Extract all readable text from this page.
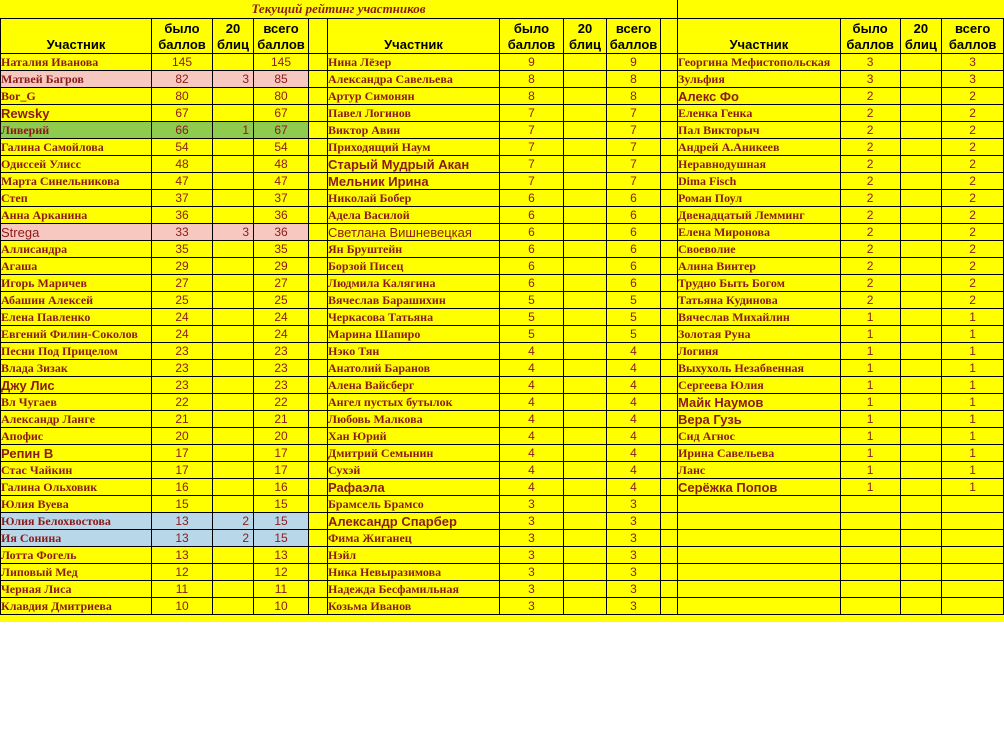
Текущий рейтинг участников
Участник	было баллов	20 блиц	всего баллов	
Наталия Иванова	145		145	
Матвей Багров	82	3	85	
Bor_G	80		80	
Rewsky	67		67	
Ливерий	66	1	67	
Галина Самойлова	54		54	
Одиссей Улисс	48		48	
Марта Синельникова	47		47	
Степ	37		37	
Анна Арканина	36		36	
Strega	33	3	36	
Аллисандра	35		35	
Агаша	29		29	
Игорь Маричев	27		27	
Абашин Алексей	25		25	
Елена Павленко	24		24	
Евгений Филин-Соколов	24		24	
Песни Под Прицелом	23		23	
Влада Зизак	23		23	
Джу Лис	23		23	
Вл Чугаев	22		22	
Александр Ланге	21		21	
Апофис	20		20	
Репин В	17		17	
Стас Чайкин	17		17	
Галина Ольховик	16		16	
Юлия Вуева	15		15	
Юлия Белохвостова	13	2	15	
Ия Сонина	13	2	15	
Лотта Фогель	13		13	
Липовый Мед	12		12	
Черная Лиса	11		11	
Клавдия Дмитриева	10		10	
Участник	было баллов	20 блиц	всего баллов	
Нина Лёзер	9		9	
Александра Савельева	8		8	
Артур Симонян	8		8	
Павел Логинов	7		7	
Виктор Авин	7		7	
Приходящий Наум	7		7	
Старый Мудрый Акан	7		7	
Мельник Ирина	7		7	
Николай Бобер	6		6	
Адела Василой	6		6	
Светлана Вишневецкая	6		6	
Ян Бруштейн	6		6	
Борзой Писец	6		6	
Людмила Калягина	6		6	
Вячеслав Барашихин	5		5	
Черкасова Татьяна	5		5	
Марина Шапиро	5		5	
Нэко Тян	4		4	
Анатолий Баранов	4		4	
Алена Вайсберг	4		4	
Ангел пустых бутылок	4		4	
Любовь Малкова	4		4	
Хан Юрий	4		4	
Дмитрий Семынин	4		4	
Сухэй	4		4	
Рафаэла	4		4	
Брамсель Брамсо	3		3	
Александр Спарбер	3		3	
Фима Жиганец	3		3	
Нэйл	3		3	
Ника Невыразимова	3		3	
Надежда Бесфамильная	3		3	
Козьма Иванов	3		3	
Участник	было баллов	20 блиц	всего баллов
Георгина Мефистопольская	3		3
Зульфия	3		3
Алекс Фо	2		2
Еленка Генка	2		2
Пал Викторыч	2		2
Андрей А.Аникеев	2		2
Неравнодушная	2		2
Dima Fisch	2		2
Роман Поул	2		2
Двенадцатый Лемминг	2		2
Елена Миронова	2		2
Своеволие	2		2
Алина Винтер	2		2
Трудно Быть Богом	2		2
Татьяна Кудинова	2		2
Вячеслав Михайлин	1		1
Золотая Руна	1		1
Логиня	1		1
Выхухоль Незабвенная	1		1
Сергеева Юлия	1		1
Майк Наумов	1		1
Вера Гузь	1		1
Сид Агнос	1		1
Ирина Савельева	1		1
Ланс	1		1
Серёжка Попов	1		1
